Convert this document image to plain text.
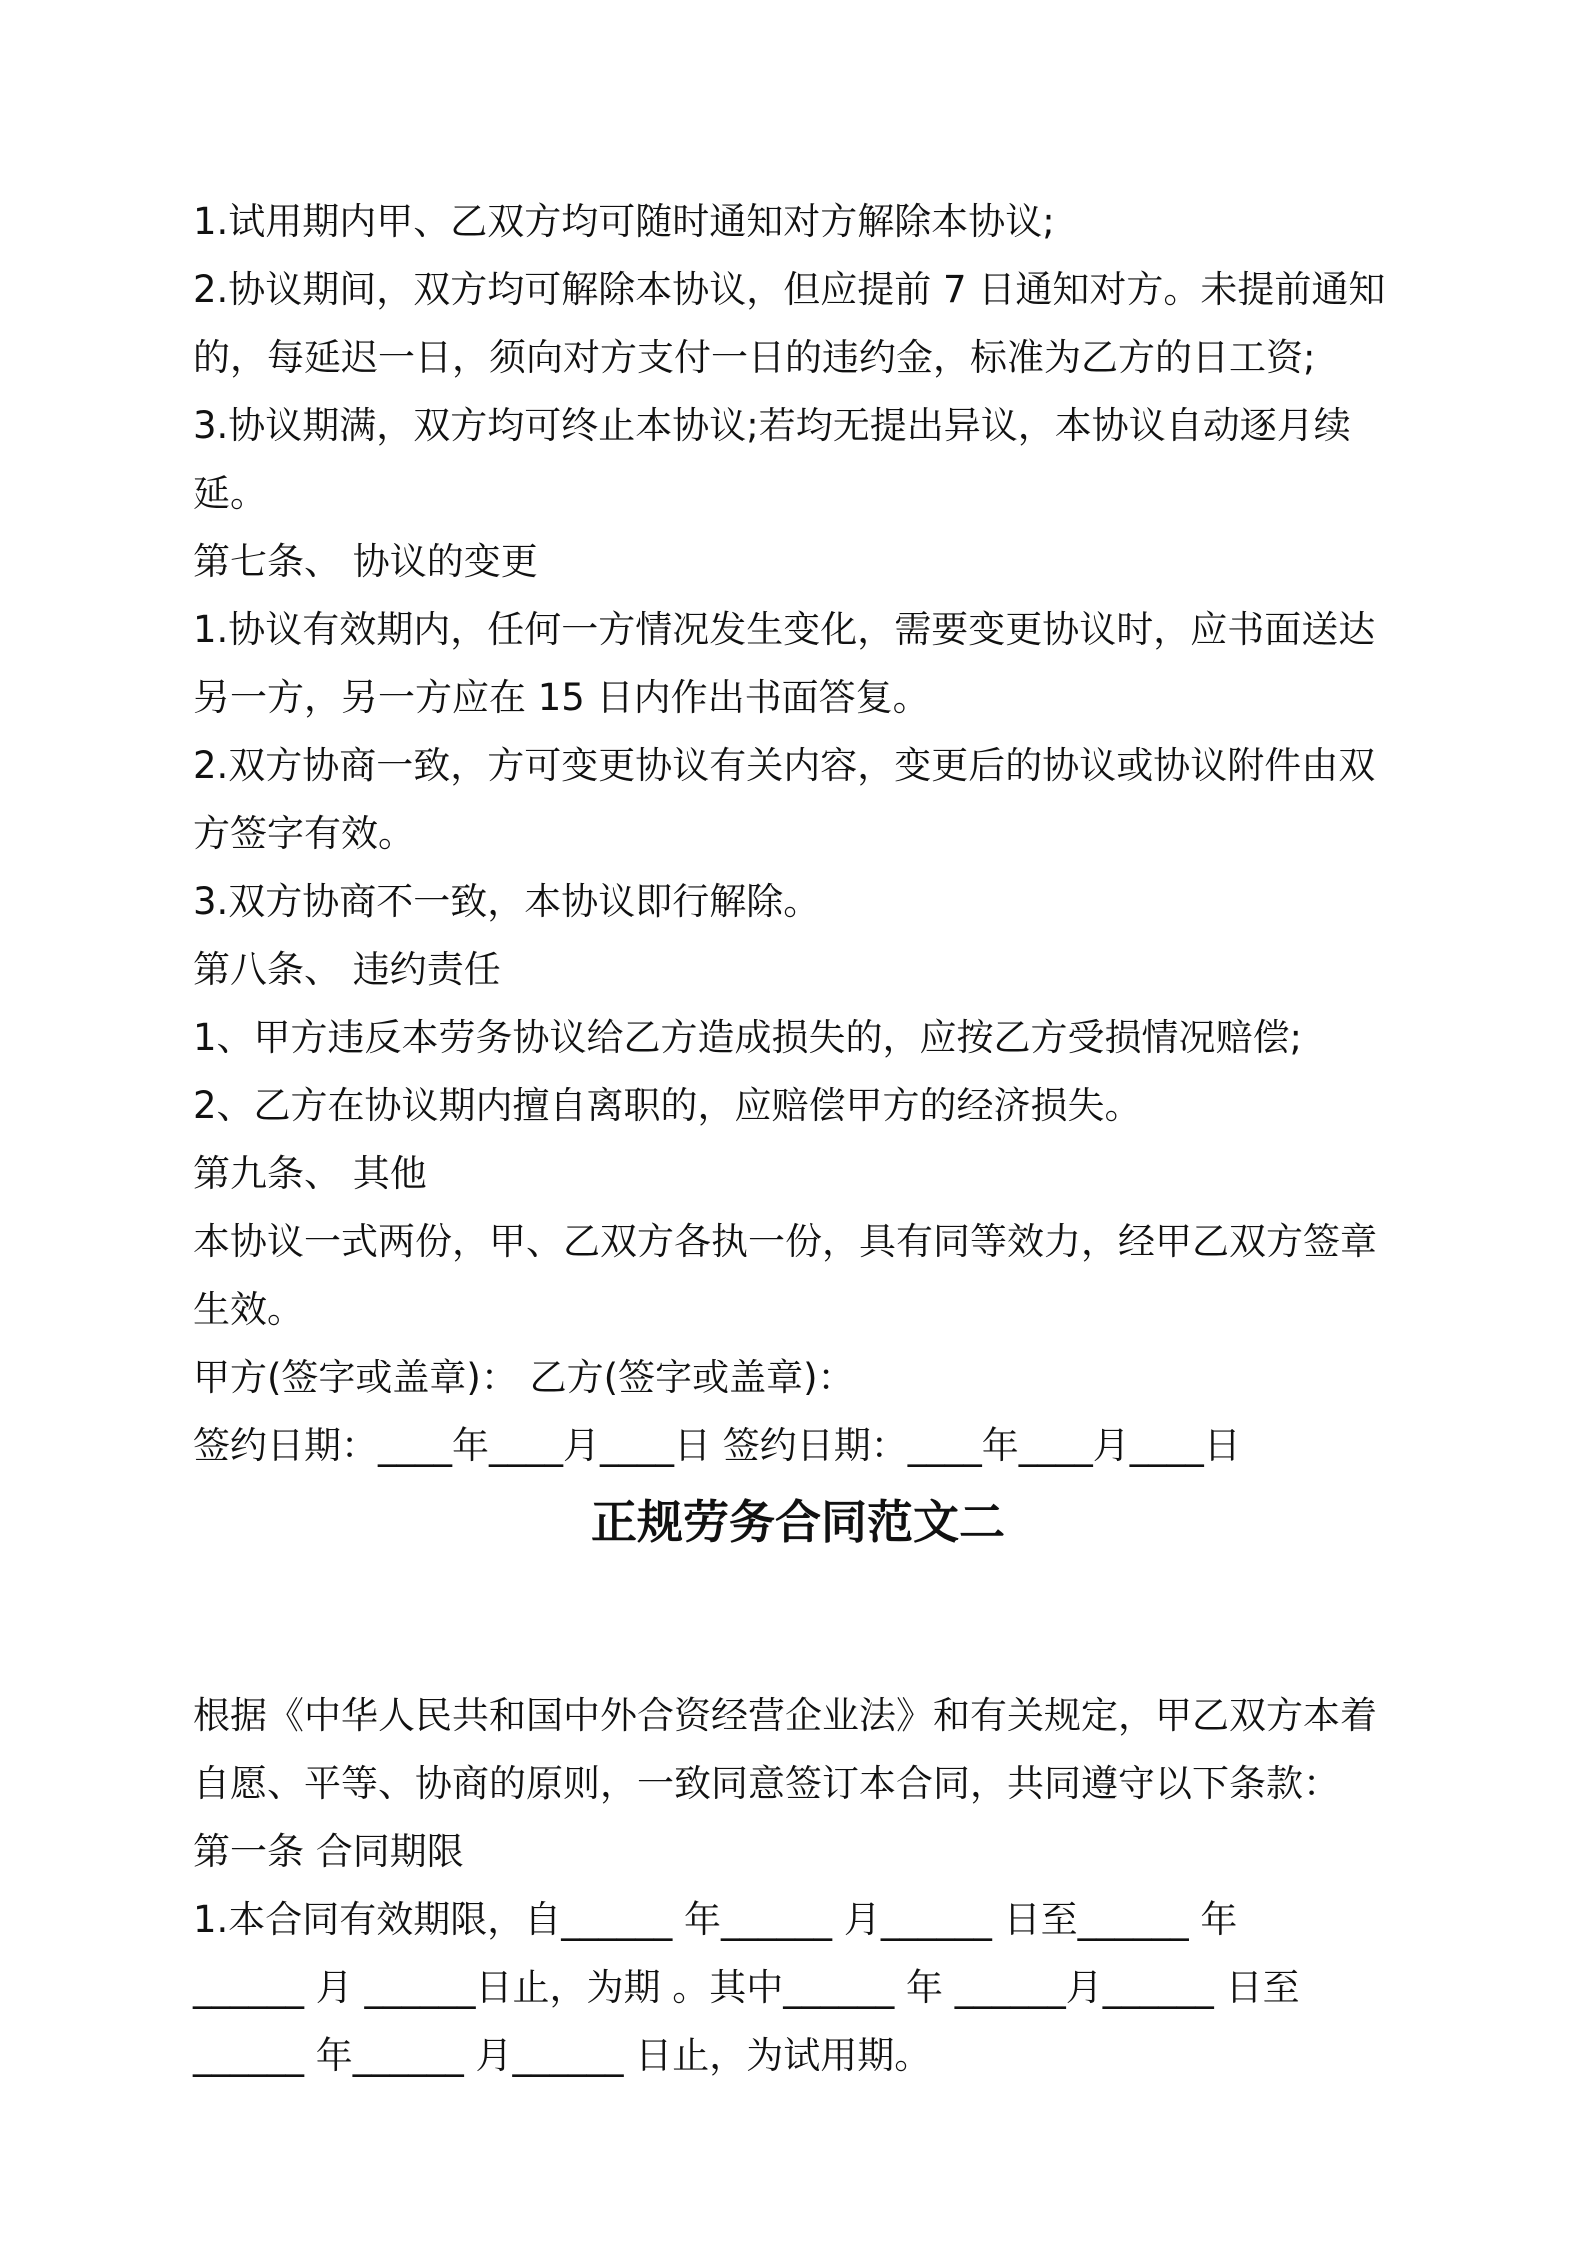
1.试用期内甲、乙双方均可随时通知对方解除本协议;
2.协议期间，双方均可解除本协议，但应提前 7 日通知对方。未提前通知
的，每延迟一日，须向对方支付一日的违约金，标准为乙方的日工资;
3.协议期满，双方均可终止本协议;若均无提出异议，本协议自动逐月续
延。
第七条、 协议的变更
1.协议有效期内，任何一方情况发生变化，需要变更协议时，应书面送达
另一方，另一方应在 15 日内作出书面答复。
2.双方协商一致，方可变更协议有关内容，变更后的协议或协议附件由双
方签字有效。
3.双方协商不一致，本协议即行解除。
第八条、 违约责任
1、甲方违反本劳务协议给乙方造成损失的，应按乙方受损情况赔偿;
2、乙方在协议期内擅自离职的，应赔偿甲方的经济损失。
第九条、 其他
本协议一式两份，甲、乙双方各执一份，具有同等效力，经甲乙双方签章
生效。
甲方(签字或盖章)： 乙方(签字或盖章)：
签约日期：____年____月____日 签约日期：____年____月____日
正规劳务合同范文二
根据《中华人民共和国中外合资经营企业法》和有关规定，甲乙双方本着
自愿、平等、协商的原则，一致同意签订本合同，共同遵守以下条款：
第一条 合同期限
1.本合同有效期限，自______ 年______ 月______ 日至______ 年
______ 月 ______日止，为期 。其中______ 年 ______月______ 日至
______ 年______ 月______ 日止，为试用期。
